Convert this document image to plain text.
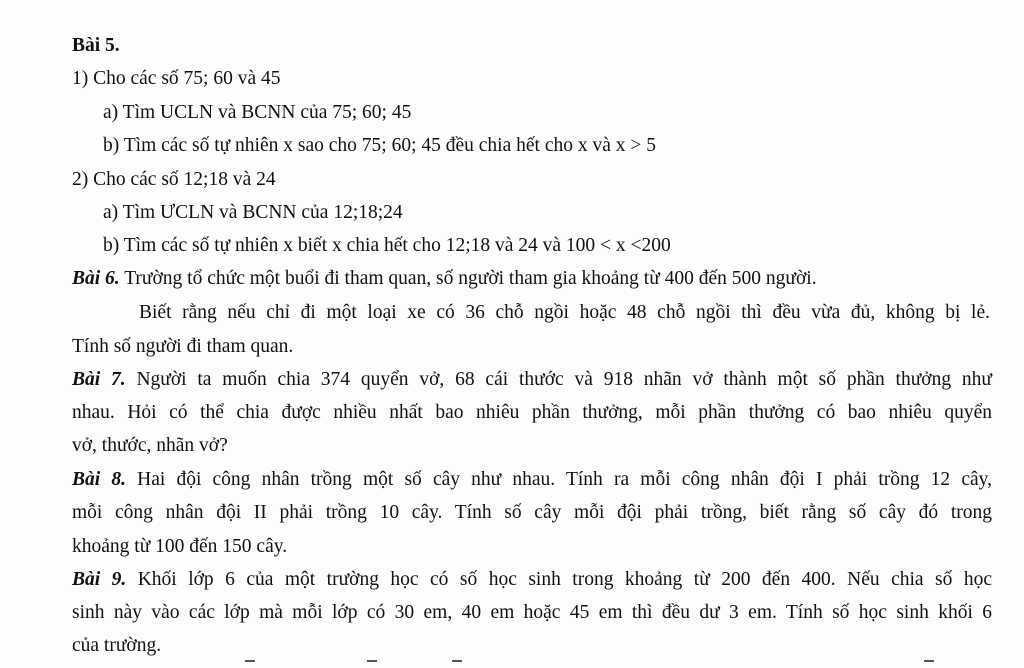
Bài 5.
1) Cho các số 75; 60 và 45
a) Tìm UCLN và BCNN của 75; 60; 45
b) Tìm các số tự nhiên x sao cho 75; 60; 45 đều chia hết cho x và x > 5
2) Cho các số 12;18 và 24
a) Tìm ƯCLN và BCNN của 12;18;24
b) Tìm các số tự nhiên x biết x chia hết cho 12;18 và 24 và 100 < x <200
Bài 6. Trường tổ chức một buổi đi tham quan, số người tham gia khoảng từ 400 đến 500 người.
Biết rằng nếu chỉ đi một loại xe có 36 chỗ ngồi hoặc 48 chỗ ngồi thì đều vừa đủ, không bị lẻ.
Tính số người đi tham quan.
Bài 7. Người ta muốn chia 374 quyển vở, 68 cái thước và 918 nhãn vở thành một số phần thưởng như
nhau. Hỏi có thể chia được nhiều nhất bao nhiêu phần thưởng, mỗi phần thưởng có bao nhiêu quyển
vở, thước, nhãn vở?
Bài 8. Hai đội công nhân trồng một số cây như nhau. Tính ra mỗi công nhân đội I phải trồng 12 cây,
mỗi công nhân đội II phải trồng 10 cây. Tính số cây mỗi đội phải trồng, biết rằng số cây đó trong
khoảng từ 100 đến 150 cây.
Bài 9. Khối lớp 6 của một trường học có số học sinh trong khoảng từ 200 đến 400. Nếu chia số học
sinh này vào các lớp mà mỗi lớp có 30 em, 40 em hoặc 45 em thì đều dư 3 em. Tính số học sinh khối 6
của trường.
